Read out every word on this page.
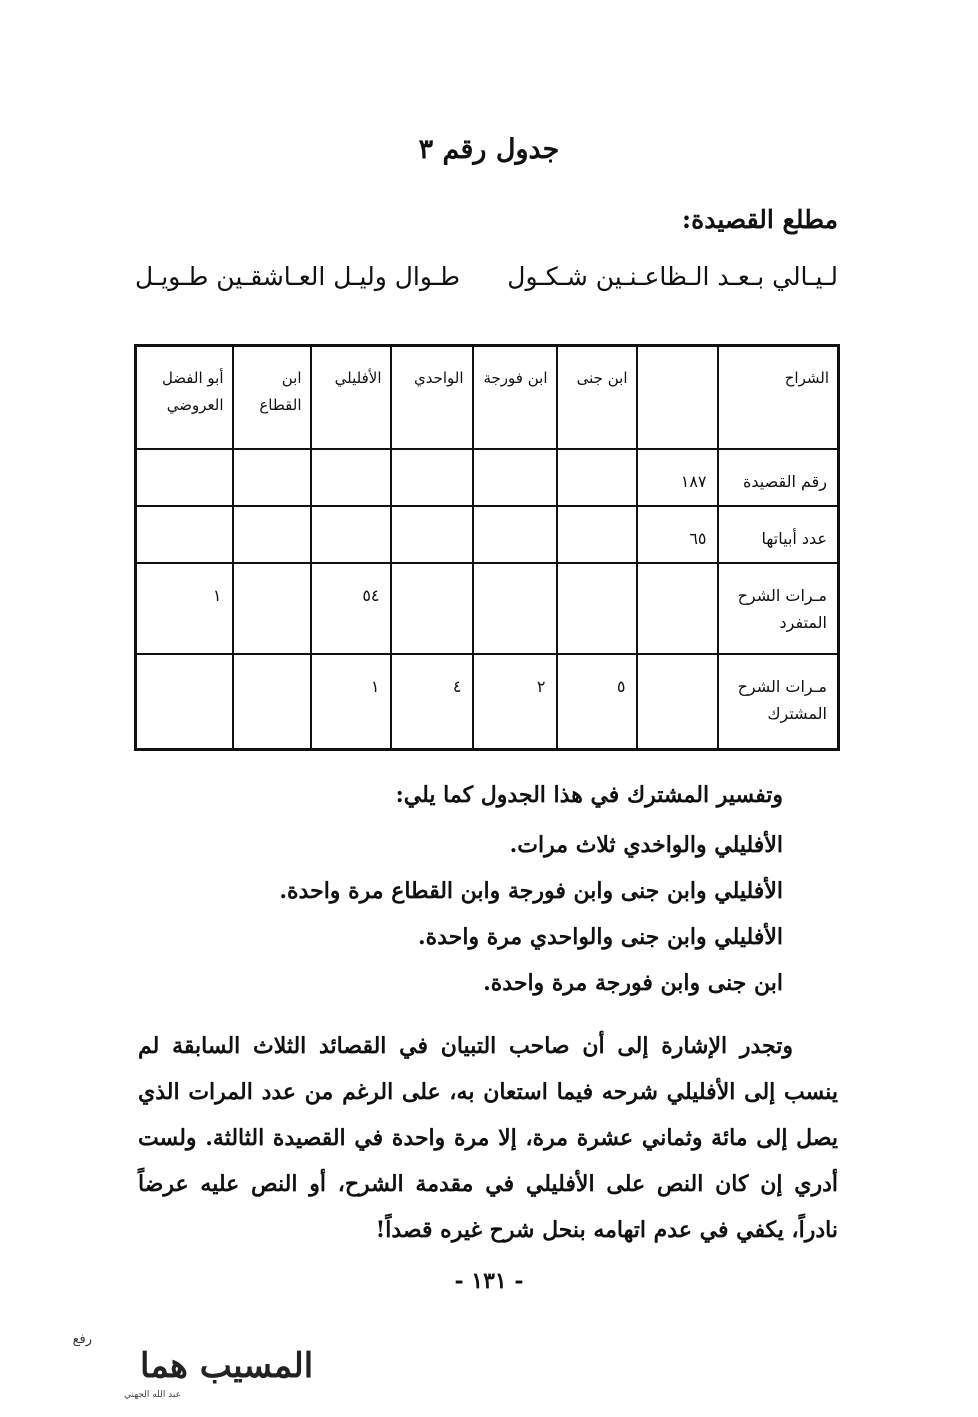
جدول رقم ٣
مطلع القصيدة:
لـيـالي بـعـد الـظاعـنـين شـكـول
طـوال وليـل العـاشقـين طـويـل
الشراح		ابن جنى	ابن فورجة	الواحدي	الأفليلي	ابن القطاع	أبو الفضل العروضي
رقم القصيدة	١٨٧						
عدد أبياتها	٦٥						
مـرات الشرح المتفرد					٥٤		١
مـرات الشرح المشترك		٥	٢	٤	١		
وتفسير المشترك في هذا الجدول كما يلي:
الأفليلي والواخدي ثلاث مرات.
الأفليلي وابن جنى وابن فورجة وابن القطاع مرة واحدة.
الأفليلي وابن جنى والواحدي مرة واحدة.
ابن جنى وابن فورجة مرة واحدة.
وتجدر الإشارة إلى أن صاحب التبيان في القصائد الثلاث السابقة لم ينسب إلى الأفليلي شرحه فيما استعان به، على الرغم من عدد المرات الذي يصل إلى مائة وثماني عشرة مرة، إلا مرة واحدة في القصيدة الثالثة. ولست أدري إن كان النص على الأفليلي في مقدمة الشرح، أو النص عليه عرضاً نادراً، يكفي في عدم اتهامه بنحل شرح غيره قصداً!
- ١٣١ -
رفع
المسيب هما
عبد الله الجهني
